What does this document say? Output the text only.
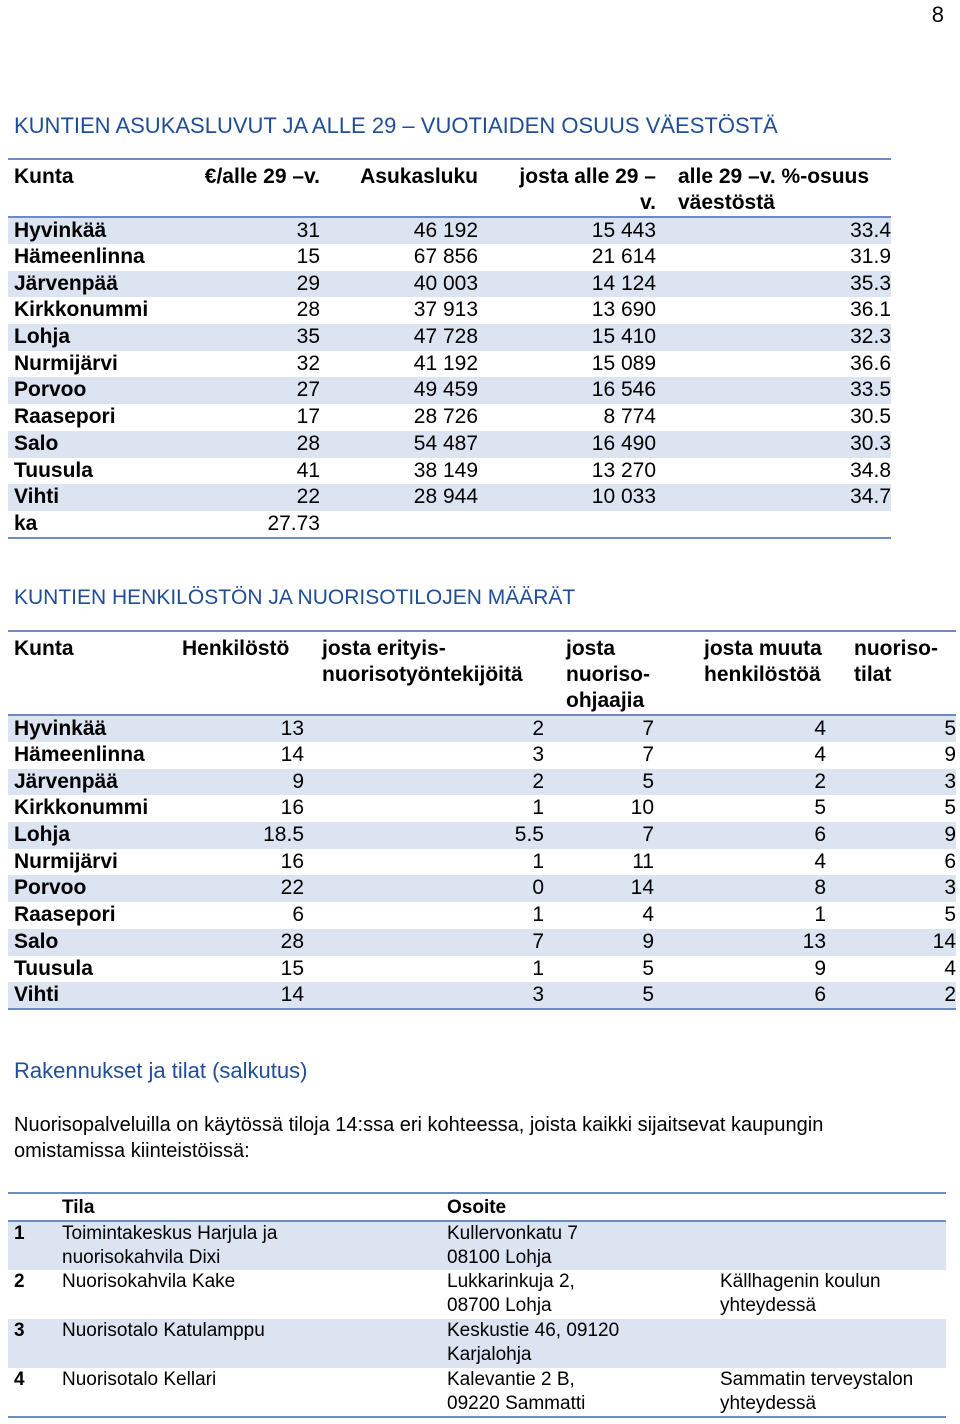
8
KUNTIEN ASUKASLUVUT JA ALLE 29 – VUOTIAIDEN OSUUS VÄESTÖSTÄ
Kunta	€/alle 29 –v.	Asukasluku	josta alle 29 – v.	alle 29 –v. %-osuus väestöstä
Hyvinkää	31	46 192	15 443	33.4
Hämeenlinna	15	67 856	21 614	31.9
Järvenpää	29	40 003	14 124	35.3
Kirkkonummi	28	37 913	13 690	36.1
Lohja	35	47 728	15 410	32.3
Nurmijärvi	32	41 192	15 089	36.6
Porvoo	27	49 459	16 546	33.5
Raasepori	17	28 726	8 774	30.5
Salo	28	54 487	16 490	30.3
Tuusula	41	38 149	13 270	34.8
Vihti	22	28 944	10 033	34.7
ka	27.73			
KUNTIEN HENKILÖSTÖN JA NUORISOTILOJEN MÄÄRÄT
Kunta	Henkilöstö	josta erityis-nuorisotyöntekijöitä	josta nuoriso-ohjaajia	josta muuta henkilöstöä	nuoriso-tilat
Hyvinkää	13	2	7	4	5
Hämeenlinna	14	3	7	4	9
Järvenpää	9	2	5	2	3
Kirkkonummi	16	1	10	5	5
Lohja	18.5	5.5	7	6	9
Nurmijärvi	16	1	11	4	6
Porvoo	22	0	14	8	3
Raasepori	6	1	4	1	5
Salo	28	7	9	13	14
Tuusula	15	1	5	9	4
Vihti	14	3	5	6	2
Rakennukset ja tilat (salkutus)
Nuorisopalveluilla on käytössä tiloja 14:ssa eri kohteessa, joista kaikki sijaitsevat kaupungin omistamissa kiinteistöissä:
	Tila	Osoite	
1	Toimintakeskus Harjula ja nuorisokahvila Dixi	Kullervonkatu 7 08100 Lohja	
2	Nuorisokahvila Kake	Lukkarinkuja 2, 08700 Lohja	Källhagenin koulun yhteydessä
3	Nuorisotalo Katulamppu	Keskustie 46, 09120 Karjalohja	
4	Nuorisotalo Kellari	Kalevantie 2 B, 09220 Sammatti	Sammatin terveystalon yhteydessä
